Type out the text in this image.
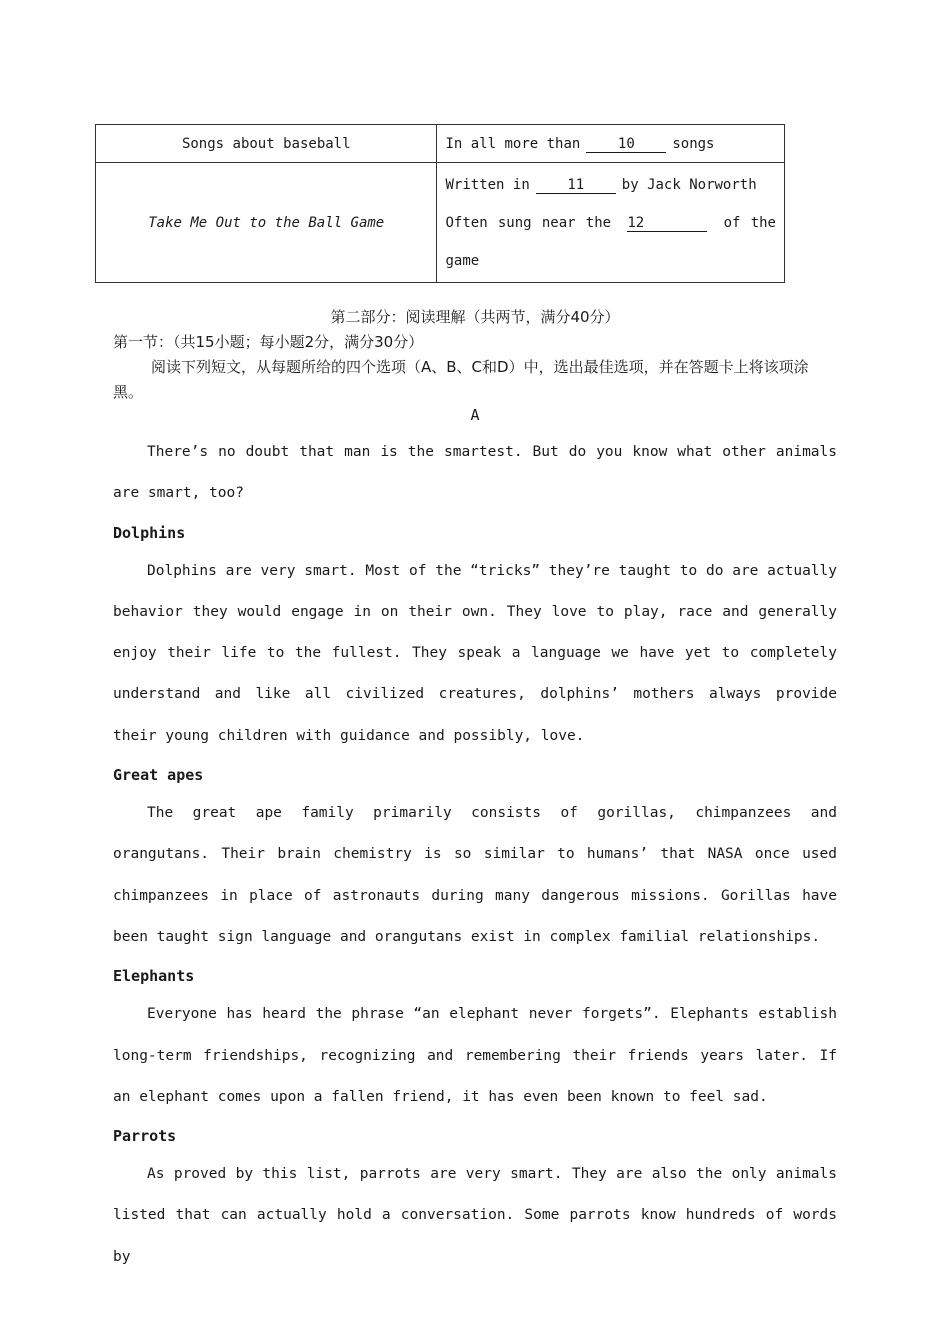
Songs about baseball	In all more than 10 songs

Take Me Out to the Ball Game	Written in 11 by Jack Norworth
Often sung near the 12 of the
game
第二部分：阅读理解（共两节，满分40分）
第一节：（共15小题；每小题2分，满分30分）
阅读下列短文，从每题所给的四个选项（A、B、C和D）中，选出最佳选项，并在答题卡上将该项涂黑。
A

There’s no doubt that man is the smartest. But do you know what other animals are smart, too?

Dolphins

Dolphins are very smart. Most of the “tricks” they’re taught to do are actually behavior they would engage in on their own. They love to play, race and generally enjoy their life to the fullest. They speak a language we have yet to completely understand and like all civilized creatures, dolphins’ mothers always provide their young children with guidance and possibly, love.

Great apes

The great ape family primarily consists of gorillas, chimpanzees and orangutans. Their brain chemistry is so similar to humans’ that NASA once used chimpanzees in place of astronauts during many dangerous missions. Gorillas have been taught sign language and orangutans exist in complex familial relationships.

Elephants

Everyone has heard the phrase “an elephant never forgets”. Elephants establish long-term friendships, recognizing and remembering their friends years later. If an elephant comes upon a fallen friend, it has even been known to feel sad.

Parrots

As proved by this list, parrots are very smart. They are also the only animals listed that can actually hold a conversation. Some parrots know hundreds of words by
